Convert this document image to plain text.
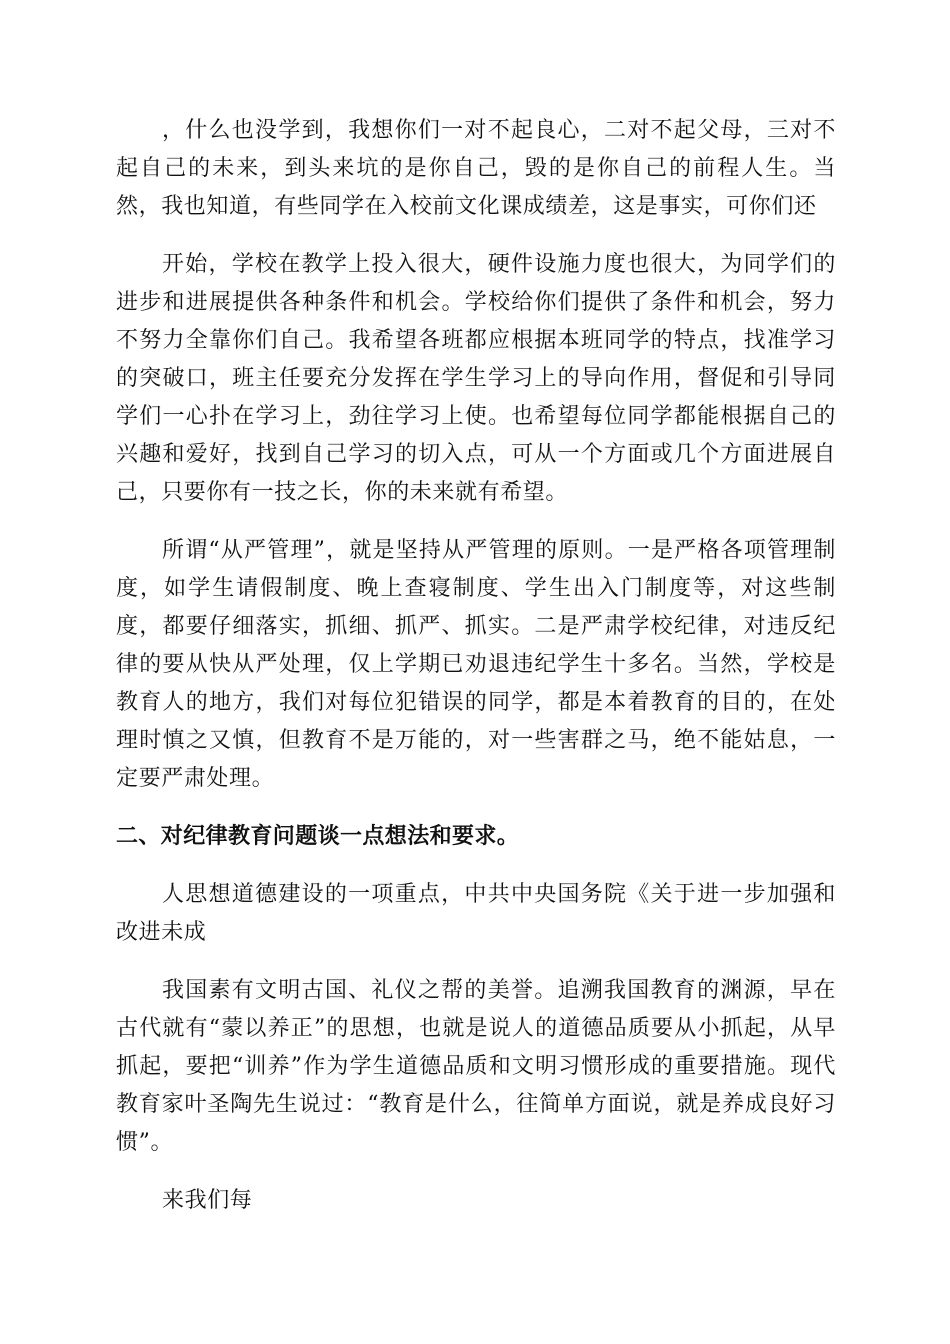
，什么也没学到，我想你们一对不起良心，二对不起父母，三对不起自己的未来，到头来坑的是你自己，毁的是你自己的前程人生。当然，我也知道，有些同学在入校前文化课成绩差，这是事实，可你们还

开始，学校在教学上投入很大，硬件设施力度也很大，为同学们的进步和进展提供各种条件和机会。学校给你们提供了条件和机会，努力不努力全靠你们自己。我希望各班都应根据本班同学的特点，找准学习的突破口，班主任要充分发挥在学生学习上的导向作用，督促和引导同学们一心扑在学习上，劲往学习上使。也希望每位同学都能根据自己的兴趣和爱好，找到自己学习的切入点，可从一个方面或几个方面进展自己，只要你有一技之长，你的未来就有希望。

所谓“从严管理”，就是坚持从严管理的原则。一是严格各项管理制度，如学生请假制度、晚上查寝制度、学生出入门制度等，对这些制度，都要仔细落实，抓细、抓严、抓实。二是严肃学校纪律，对违反纪律的要从快从严处理，仅上学期已劝退违纪学生十多名。当然，学校是教育人的地方，我们对每位犯错误的同学，都是本着教育的目的，在处理时慎之又慎，但教育不是万能的，对一些害群之马，绝不能姑息，一定要严肃处理。

二、对纪律教育问题谈一点想法和要求。

人思想道德建设的一项重点，中共中央国务院《关于进一步加强和改进未成

我国素有文明古国、礼仪之帮的美誉。追溯我国教育的渊源，早在古代就有“蒙以养正”的思想，也就是说人的道德品质要从小抓起，从早抓起，要把“训养”作为学生道德品质和文明习惯形成的重要措施。现代教育家叶圣陶先生说过：“教育是什么，往简单方面说，就是养成良好习惯”。

来我们每
